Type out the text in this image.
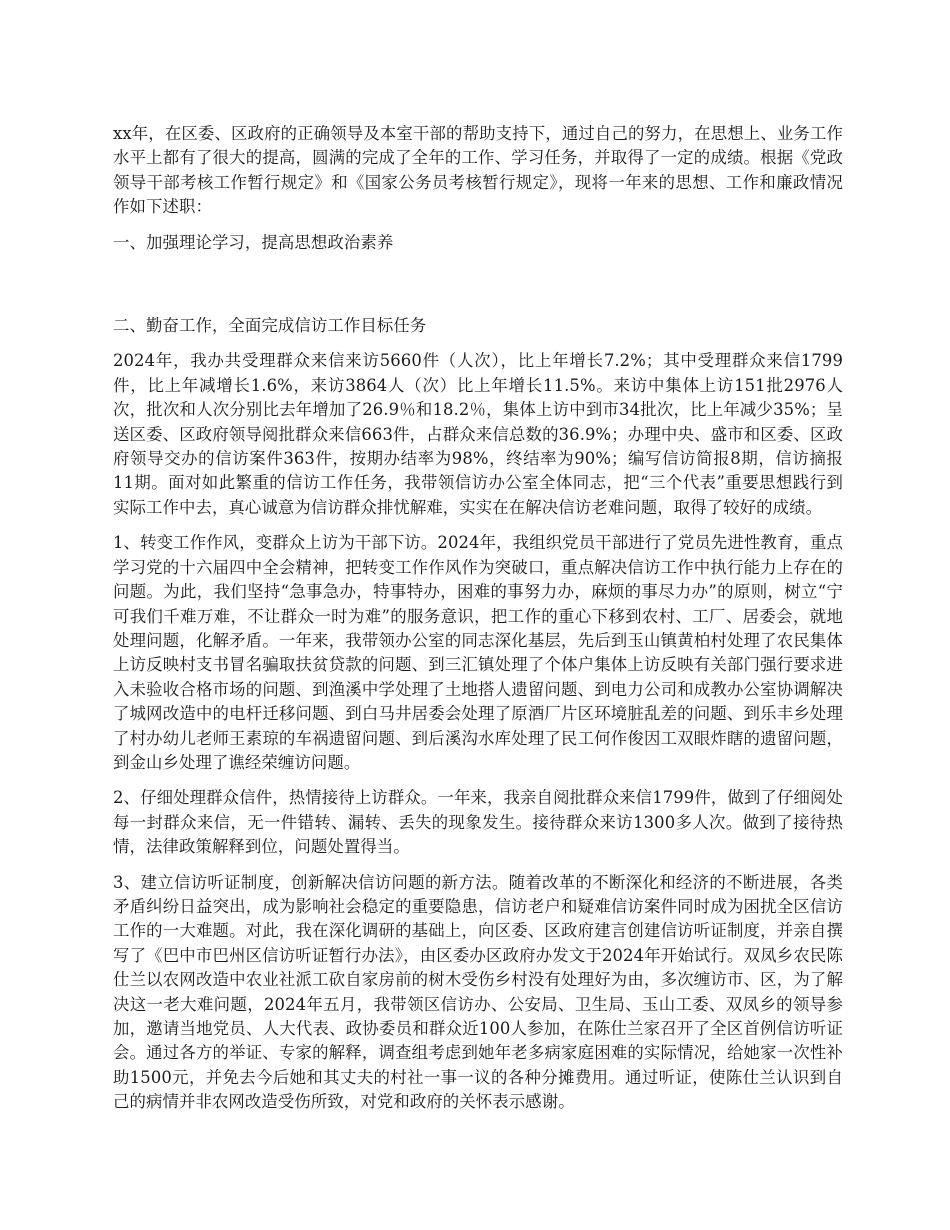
xx年，在区委、区政府的正确领导及本室干部的帮助支持下，通过自己的努力，在思想上、业务工作水平上都有了很大的提高，圆满的完成了全年的工作、学习任务，并取得了一定的成绩。根据《党政领导干部考核工作暂行规定》和《国家公务员考核暂行规定》，现将一年来的思想、工作和廉政情况作如下述职：

一、加强理论学习，提高思想政治素养

二、勤奋工作，全面完成信访工作目标任务

2024年，我办共受理群众来信来访5660件（人次），比上年增长7.2%；其中受理群众来信1799件，比上年减增长1.6%，来访3864人（次）比上年增长11.5%。来访中集体上访151批2976人次，批次和人次分别比去年增加了26.9％和18.2％，集体上访中到市34批次，比上年减少35%；呈送区委、区政府领导阅批群众来信663件，占群众来信总数的36.9%；办理中央、盛市和区委、区政府领导交办的信访案件363件，按期办结率为98%，终结率为90%；编写信访简报8期，信访摘报11期。面对如此繁重的信访工作任务，我带领信访办公室全体同志，把“三个代表”重要思想践行到实际工作中去，真心诚意为信访群众排忧解难，实实在在解决信访老难问题，取得了较好的成绩。

1、转变工作作风，变群众上访为干部下访。2024年，我组织党员干部进行了党员先进性教育，重点学习党的十六届四中全会精神，把转变工作作风作为突破口，重点解决信访工作中执行能力上存在的问题。为此，我们坚持“急事急办，特事特办，困难的事努力办，麻烦的事尽力办”的原则，树立“宁可我们千难万难，不让群众一时为难”的服务意识，把工作的重心下移到农村、工厂、居委会，就地处理问题，化解矛盾。一年来，我带领办公室的同志深化基层，先后到玉山镇黄柏村处理了农民集体上访反映村支书冒名骗取扶贫贷款的问题、到三汇镇处理了个体户集体上访反映有关部门强行要求进入未验收合格市场的问题、到渔溪中学处理了土地搭人遗留问题、到电力公司和成教办公室协调解决了城网改造中的电杆迁移问题、到白马井居委会处理了原酒厂片区环境脏乱差的问题、到乐丰乡处理了村办幼儿老师王素琼的车祸遗留问题、到后溪沟水库处理了民工何作俊因工双眼炸瞎的遗留问题，到金山乡处理了谯经荣缠访问题。

2、仔细处理群众信件，热情接待上访群众。一年来，我亲自阅批群众来信1799件，做到了仔细阅处每一封群众来信，无一件错转、漏转、丢失的现象发生。接待群众来访1300多人次。做到了接待热情，法律政策解释到位，问题处置得当。

3、建立信访听证制度，创新解决信访问题的新方法。随着改革的不断深化和经济的不断进展，各类矛盾纠纷日益突出，成为影响社会稳定的重要隐患，信访老户和疑难信访案件同时成为困扰全区信访工作的一大难题。对此，我在深化调研的基础上，向区委、区政府建言创建信访听证制度，并亲自撰写了《巴中市巴州区信访听证暂行办法》，由区委办区政府办发文于2024年开始试行。双凤乡农民陈仕兰以农网改造中农业社派工砍自家房前的树木受伤乡村没有处理好为由，多次缠访市、区，为了解决这一老大难问题，2024年五月，我带领区信访办、公安局、卫生局、玉山工委、双凤乡的领导参加，邀请当地党员、人大代表、政协委员和群众近100人参加，在陈仕兰家召开了全区首例信访听证会。通过各方的举证、专家的解释，调查组考虑到她年老多病家庭困难的实际情况，给她家一次性补助1500元，并免去今后她和其丈夫的村社一事一议的各种分摊费用。通过听证，使陈仕兰认识到自己的病情并非农网改造受伤所致，对党和政府的关怀表示感谢。
